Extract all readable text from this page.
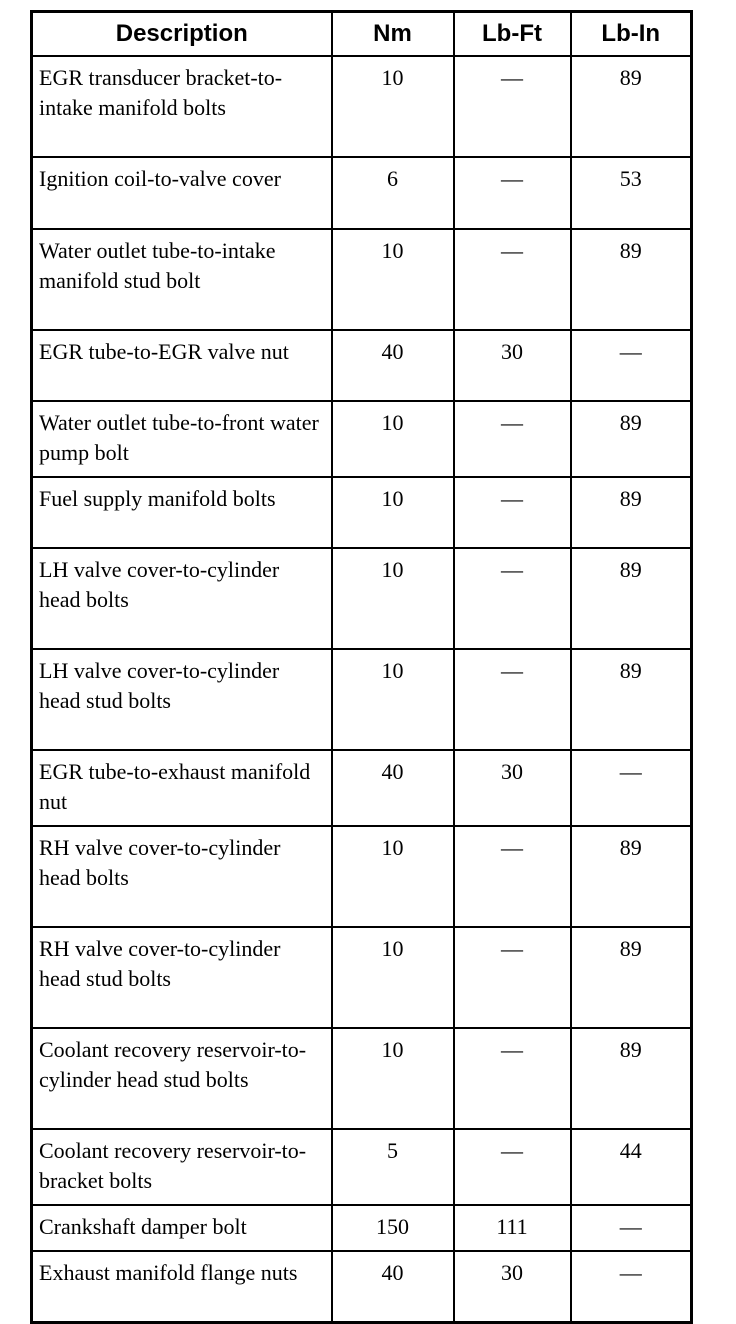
Description	Nm	Lb-Ft	Lb-In
EGR transducer bracket-to-intake manifold bolts	10	—	89
Ignition coil-to-valve cover	6	—	53
Water outlet tube-to-intake manifold stud bolt	10	—	89
EGR tube-to-EGR valve nut	40	30	—
Water outlet tube-to-front water pump bolt	10	—	89
Fuel supply manifold bolts	10	—	89
LH valve cover-to-cylinder head bolts	10	—	89
LH valve cover-to-cylinder head stud bolts	10	—	89
EGR tube-to-exhaust manifold nut	40	30	—
RH valve cover-to-cylinder head bolts	10	—	89
RH valve cover-to-cylinder head stud bolts	10	—	89
Coolant recovery reservoir-to-cylinder head stud bolts	10	—	89
Coolant recovery reservoir-to-bracket bolts	5	—	44
Crankshaft damper bolt	150	111	—
Exhaust manifold flange nuts	40	30	—
